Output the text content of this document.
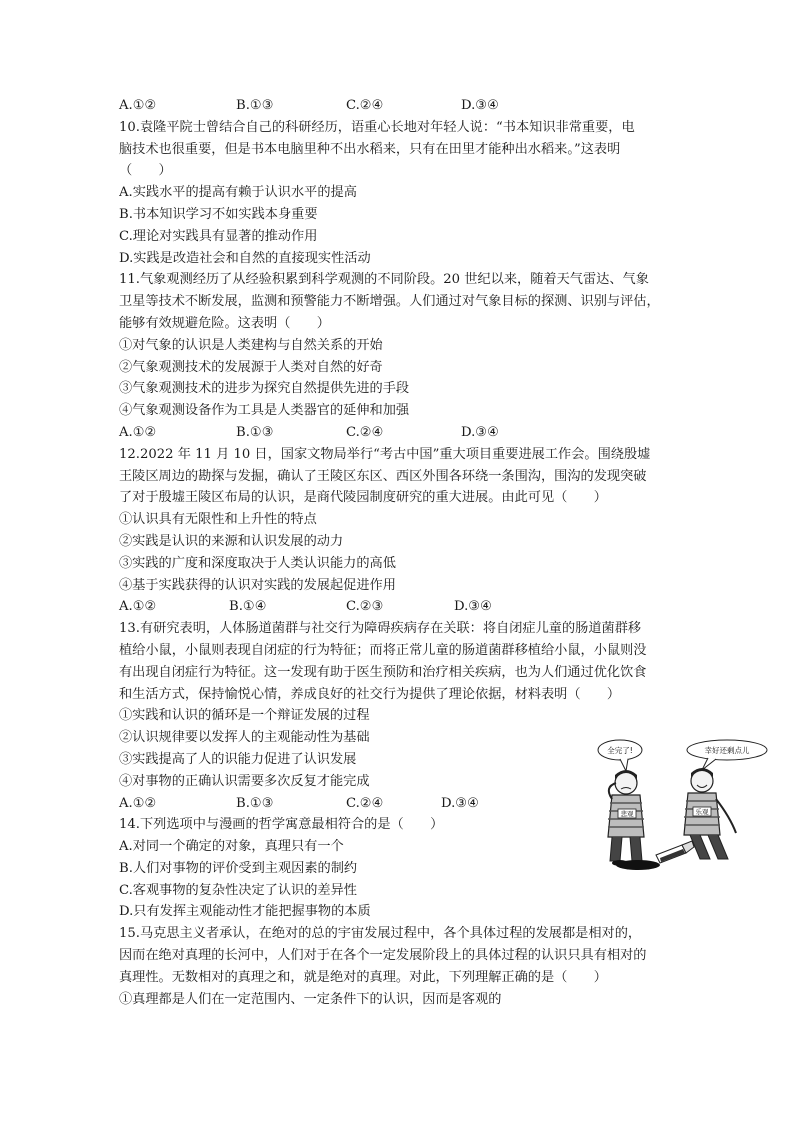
A.①②	B.①③	C.②④	D.③④
10.袁隆平院士曾结合自己的科研经历，语重心长地对年轻人说：“书本知识非常重要，电
脑技术也很重要，但是书本电脑里种不出水稻来，只有在田里才能种出水稻来。”这表明
（　　）
A.实践水平的提高有赖于认识水平的提高
B.书本知识学习不如实践本身重要
C.理论对实践具有显著的推动作用
D.实践是改造社会和自然的直接现实性活动
11.气象观测经历了从经验积累到科学观测的不同阶段。20 世纪以来，随着天气雷达、气象
卫星等技术不断发展，监测和预警能力不断增强。人们通过对气象目标的探测、识别与评估，
能够有效规避危险。这表明（　　）
①对气象的认识是人类建构与自然关系的开始
②气象观测技术的发展源于人类对自然的好奇
③气象观测技术的进步为探究自然提供先进的手段
④气象观测设备作为工具是人类器官的延伸和加强
A.①②	B.①③	C.②④	D.③④
12.2022 年 11 月 10 日，国家文物局举行“考古中国”重大项目重要进展工作会。围绕殷墟
王陵区周边的勘探与发掘，确认了王陵区东区、西区外围各环绕一条围沟，围沟的发现突破
了对于殷墟王陵区布局的认识，是商代陵园制度研究的重大进展。由此可见（　　）
①认识具有无限性和上升性的特点
②实践是认识的来源和认识发展的动力
③实践的广度和深度取决于人类认识能力的高低
④基于实践获得的认识对实践的发展起促进作用
A.①②	B.①④	C.②③	D.③④
13.有研究表明，人体肠道菌群与社交行为障碍疾病存在关联：将自闭症儿童的肠道菌群移
植给小鼠，小鼠则表现自闭症的行为特征；而将正常儿童的肠道菌群移植给小鼠，小鼠则没
有出现自闭症行为特征。这一发现有助于医生预防和治疗相关疾病，也为人们通过优化饮食
和生活方式，保持愉悦心情，养成良好的社交行为提供了理论依据，材料表明（　　）
①实践和认识的循环是一个辩证发展的过程
②认识规律要以发挥人的主观能动性为基础
③实践提高了人的识能力促进了认识发展
④对事物的正确认识需要多次反复才能完成
A.①②	B.①③	C.②④	D.③④
14.下列选项中与漫画的哲学寓意最相符合的是（　　）
A.对同一个确定的对象，真理只有一个
B.人们对事物的评价受到主观因素的制约
C.客观事物的复杂性决定了认识的差异性
D.只有发挥主观能动性才能把握事物的本质
15.马克思主义者承认，在绝对的总的宇宙发展过程中，各个具体过程的发展都是相对的，
因而在绝对真理的长河中，人们对于在各个一定发展阶段上的具体过程的认识只具有相对的
真理性。无数相对的真理之和，就是绝对的真理。对此，下列理解正确的是（　　）
①真理都是人们在一定范围内、一定条件下的认识，因而是客观的
全完了!	幸好还剩点儿
悲观	乐观
